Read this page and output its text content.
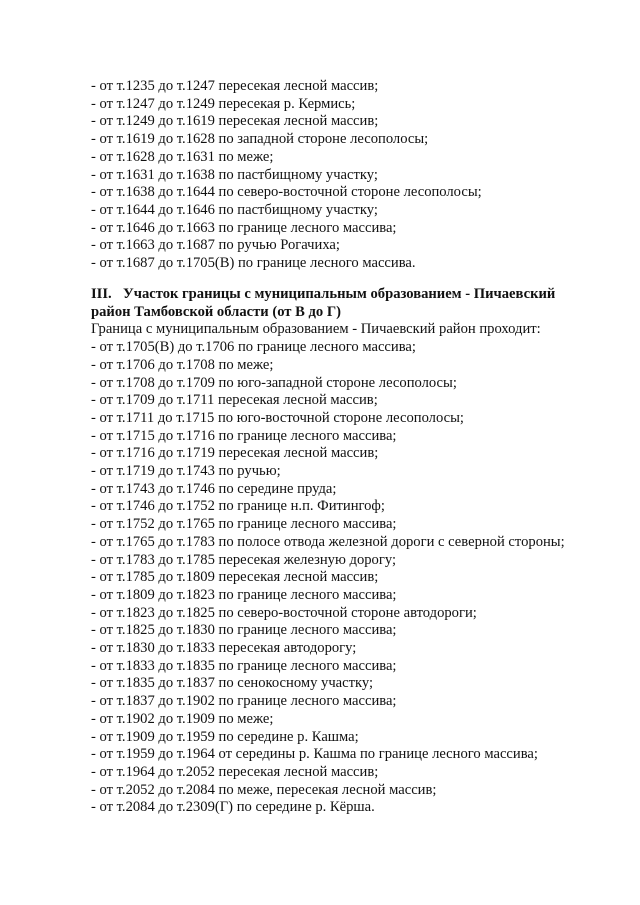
- от т.1235 до т.1247 пересекая лесной массив;
- от т.1247 до т.1249 пересекая р. Кермись;
- от т.1249 до т.1619 пересекая лесной массив;
- от т.1619 до т.1628 по западной стороне лесополосы;
- от т.1628 до т.1631 по меже;
- от т.1631 до т.1638 по пастбищному участку;
- от т.1638 до т.1644 по северо-восточной стороне лесополосы;
- от т.1644 до т.1646 по пастбищному участку;
- от т.1646 до т.1663 по границе лесного массива;
- от т.1663 до т.1687 по ручью Рогачиха;
- от т.1687 до т.1705(В) по границе лесного массива.
III. Участок границы с муниципальным образованием - Пичаевский
район Тамбовской области (от В до Г)
Граница с муниципальным образованием - Пичаевский район проходит:
- от т.1705(В) до т.1706 по границе лесного массива;
- от т.1706 до т.1708 по меже;
- от т.1708 до т.1709 по юго-западной стороне лесополосы;
- от т.1709 до т.1711 пересекая лесной массив;
- от т.1711 до т.1715 по юго-восточной стороне лесополосы;
- от т.1715 до т.1716 по границе лесного массива;
- от т.1716 до т.1719 пересекая лесной массив;
- от т.1719 до т.1743 по ручью;
- от т.1743 до т.1746 по середине пруда;
- от т.1746 до т.1752 по границе н.п. Фитингоф;
- от т.1752 до т.1765 по границе лесного массива;
- от т.1765 до т.1783 по полосе отвода железной дороги с северной стороны;
- от т.1783 до т.1785 пересекая железную дорогу;
- от т.1785 до т.1809 пересекая лесной массив;
- от т.1809 до т.1823 по границе лесного массива;
- от т.1823 до т.1825 по северо-восточной стороне автодороги;
- от т.1825 до т.1830 по границе лесного массива;
- от т.1830 до т.1833 пересекая автодорогу;
- от т.1833 до т.1835 по границе лесного массива;
- от т.1835 до т.1837 по сенокосному участку;
- от т.1837 до т.1902 по границе лесного массива;
- от т.1902 до т.1909 по меже;
- от т.1909 до т.1959 по середине р. Кашма;
- от т.1959 до т.1964 от середины р. Кашма по границе лесного массива;
- от т.1964 до т.2052 пересекая лесной массив;
- от т.2052 до т.2084 по меже, пересекая лесной массив;
- от т.2084 до т.2309(Г) по середине р. Кёрша.
